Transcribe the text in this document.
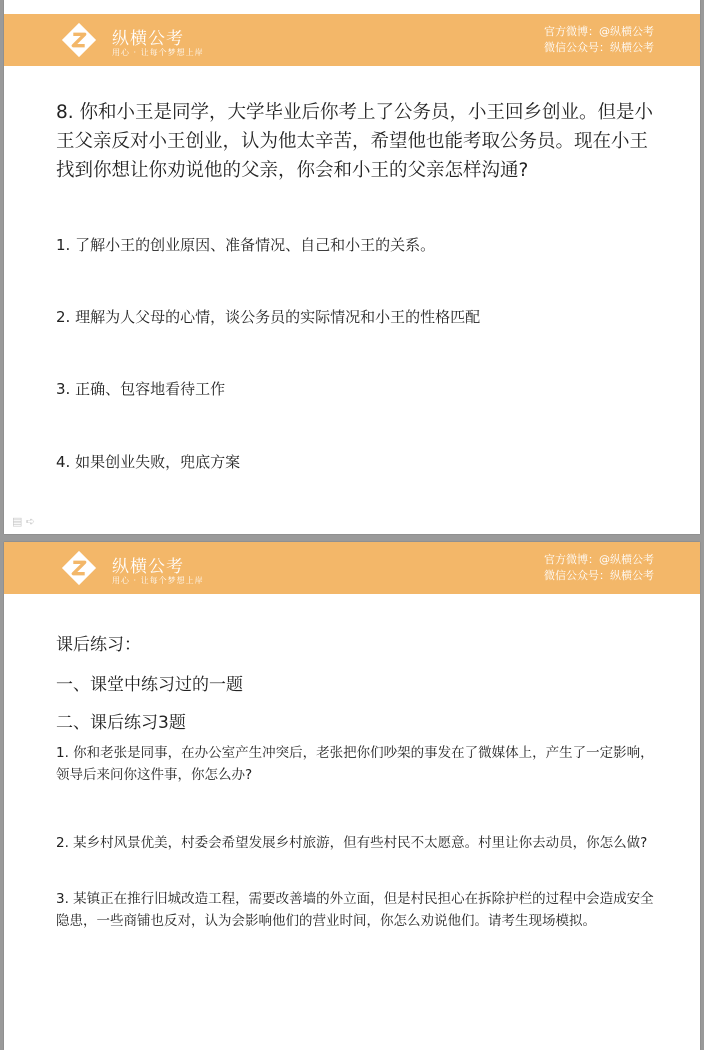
纵横公考
用心 · 让每个梦想上岸
官方微博：@纵横公考
微信公众号：纵横公考

8. 你和小王是同学，大学毕业后你考上了公务员，小王回乡创业。但是小王父亲反对小王创业，认为他太辛苦，希望他也能考取公务员。现在小王找到你想让你劝说他的父亲，你会和小王的父亲怎样沟通?

1. 了解小王的创业原因、准备情况、自己和小王的关系。
2. 理解为人父母的心情，谈公务员的实际情况和小王的性格匹配
3. 正确、包容地看待工作
4. 如果创业失败，兜底方案
▤ ➪
纵横公考
用心 · 让每个梦想上岸
官方微博：@纵横公考
微信公众号：纵横公考
课后练习：
一、课堂中练习过的一题
二、课后练习3题
1. 你和老张是同事，在办公室产生冲突后，老张把你们吵架的事发在了微媒体上，产生了一定影响，领导后来问你这件事，你怎么办?
2. 某乡村风景优美，村委会希望发展乡村旅游，但有些村民不太愿意。村里让你去动员，你怎么做?
3. 某镇正在推行旧城改造工程，需要改善墙的外立面，但是村民担心在拆除护栏的过程中会造成安全隐患，一些商铺也反对，认为会影响他们的营业时间，你怎么劝说他们。请考生现场模拟。
